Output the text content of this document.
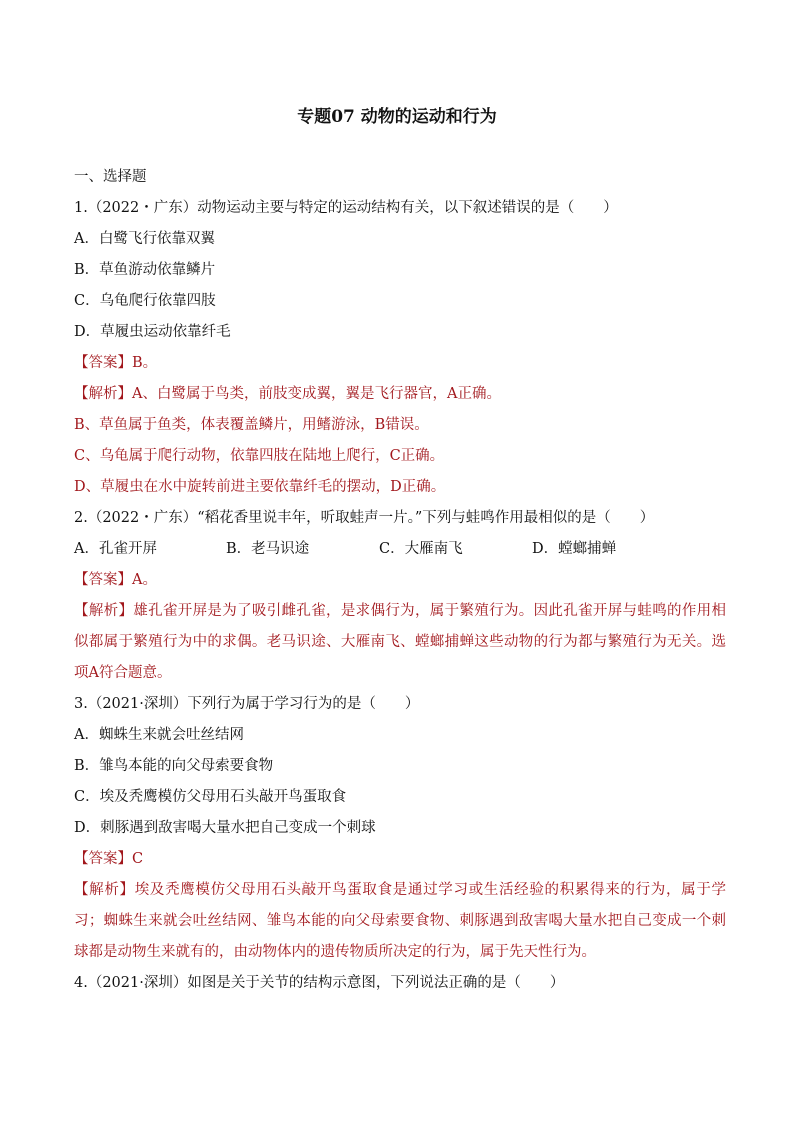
专题07 动物的运动和行为
一、选择题
1.（2022・广东）动物运动主要与特定的运动结构有关，以下叙述错误的是（　　）
A．白鹭飞行依靠双翼
B．草鱼游动依靠鳞片
C．乌龟爬行依靠四肢
D．草履虫运动依靠纤毛
【答案】B。
【解析】A、白鹭属于鸟类，前肢变成翼，翼是飞行器官，A正确。
B、草鱼属于鱼类，体表覆盖鳞片，用鳍游泳，B错误。
C、乌龟属于爬行动物，依靠四肢在陆地上爬行，C正确。
D、草履虫在水中旋转前进主要依靠纤毛的摆动，D正确。
2.（2022・广东）“稻花香里说丰年，听取蛙声一片。”下列与蛙鸣作用最相似的是（　　）
A．孔雀开屏	B．老马识途	C．大雁南飞	D．螳螂捕蝉
【答案】A。
【解析】雄孔雀开屏是为了吸引雌孔雀，是求偶行为，属于繁殖行为。因此孔雀开屏与蛙鸣的作用相似都属于繁殖行为中的求偶。老马识途、大雁南飞、螳螂捕蝉这些动物的行为都与繁殖行为无关。选项A符合题意。
3.（2021·深圳）下列行为属于学习行为的是（　　）
A．蜘蛛生来就会吐丝结网
B．雏鸟本能的向父母索要食物
C．埃及秃鹰模仿父母用石头敲开鸟蛋取食
D．刺豚遇到敌害喝大量水把自己变成一个刺球
【答案】C
【解析】埃及秃鹰模仿父母用石头敲开鸟蛋取食是通过学习或生活经验的积累得来的行为，属于学习；蜘蛛生来就会吐丝结网、雏鸟本能的向父母索要食物、刺豚遇到敌害喝大量水把自己变成一个刺球都是动物生来就有的，由动物体内的遗传物质所决定的行为，属于先天性行为。
4.（2021·深圳）如图是关于关节的结构示意图，下列说法正确的是（　　）
